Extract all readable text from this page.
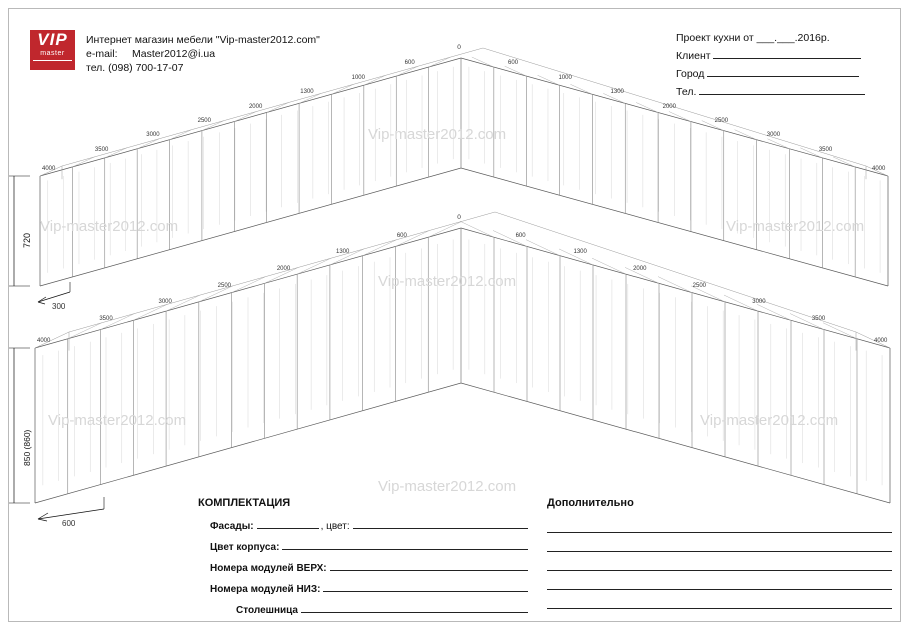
Vip-master2012.com
Vip-master2012.com
Vip-master2012.com
Vip-master2012.com
Vip-master2012.com
Vip-master2012.com
Vip-master2012.com
VIP
master
Интернет магазин мебели "Vip-master2012.com"
e-mail: Master2012@i.ua
тел. (098) 700-17-07
Проект кухни от ___.___.2016р.
Клиент
Город
Тел.
0
0
600
1000
1300
2000
2500
3000
3500
600
1000
1300
2000
2500
3000
3500
4000	4000
600
1300
2000
2500
3000
3500
600
1300
2000
2500
3000
3500
4000	4000
300
600
720
850 (860)
КОМПЛЕКТАЦИЯ
Фасады:	, цвет:
Цвет корпуса:
Номера модулей ВЕРХ:
Номера модулей НИЗ:
Столешница
Дополнительно
